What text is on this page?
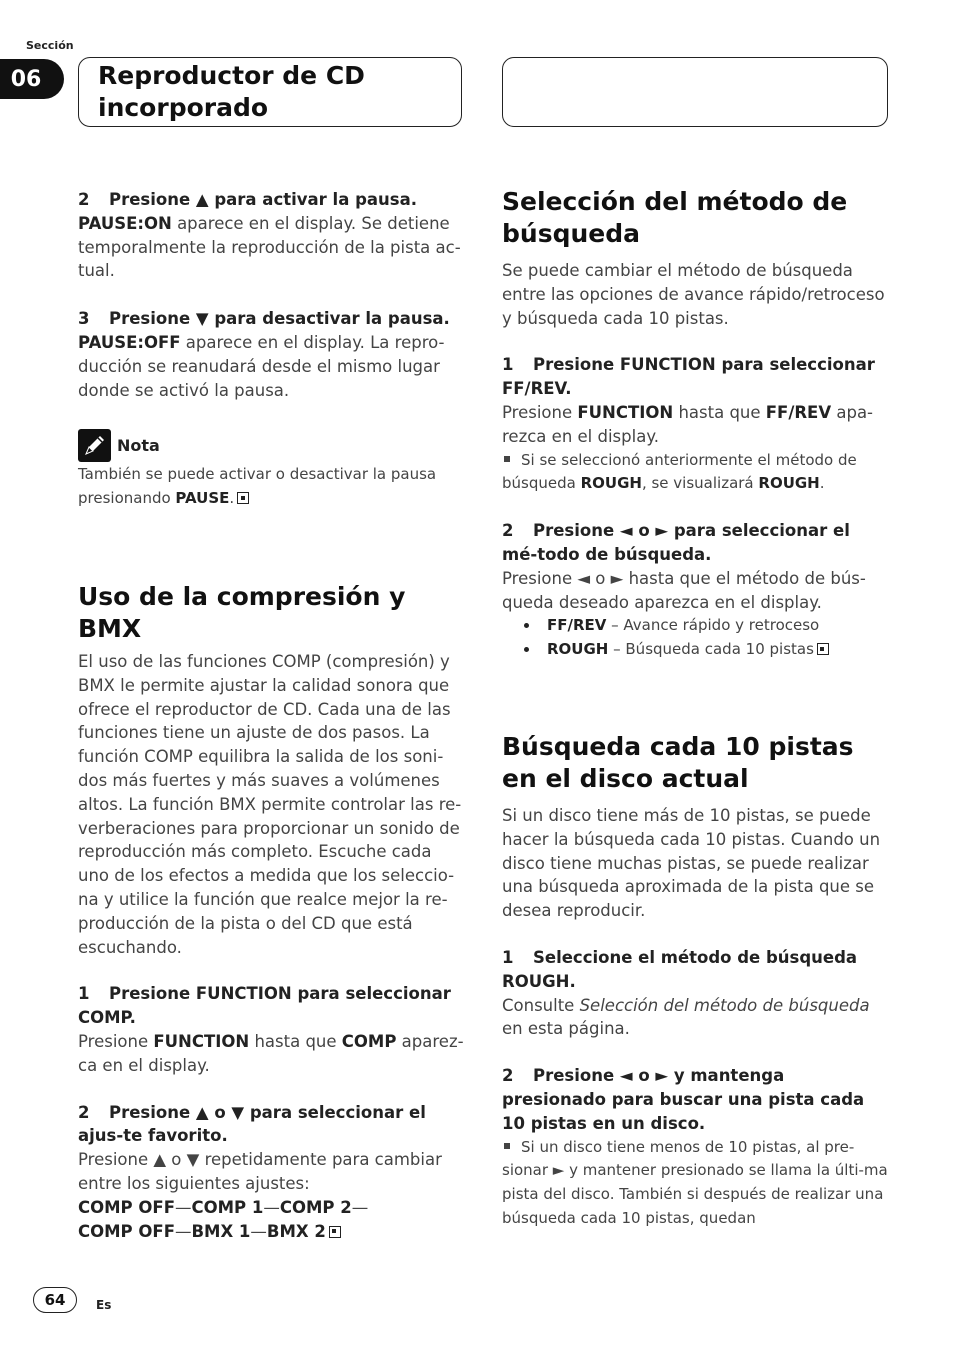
Sección
06	Reproductor de CD incorporado

2 Presione ▲ para activar la pausa.

PAUSE:ON aparece en el display. Se detiene temporalmente la reproducción de la pista ac-tual.

3 Presione ▼ para desactivar la pausa.

PAUSE:OFF aparece en el display. La repro-ducción se reanudará desde el mismo lugar donde se activó la pausa.

Nota

También se puede activar o desactivar la pausa presionando PAUSE.

Uso de la compresión y BMX

El uso de las funciones COMP (compresión) y BMX le permite ajustar la calidad sonora que ofrece el reproductor de CD. Cada una de las funciones tiene un ajuste de dos pasos. La función COMP equilibra la salida de los soni-dos más fuertes y más suaves a volúmenes altos. La función BMX permite controlar las re-verberaciones para proporcionar un sonido de reproducción más completo. Escuche cada uno de los efectos a medida que los seleccio-na y utilice la función que realce mejor la re-producción de la pista o del CD que está escuchando.

1 Presione FUNCTION para seleccionar COMP.

Presione FUNCTION hasta que COMP aparez-ca en el display.

2 Presione ▲ o ▼ para seleccionar el ajus-te favorito.

Presione ▲ o ▼ repetidamente para cambiar entre los siguientes ajustes:

COMP OFF—COMP 1—COMP 2—

COMP OFF—BMX 1—BMX 2

Selección del método de búsqueda

Se puede cambiar el método de búsqueda entre las opciones de avance rápido/retroceso y búsqueda cada 10 pistas.

1 Presione FUNCTION para seleccionar FF/REV.

Presione FUNCTION hasta que FF/REV apa-rezca en el display.

Si se seleccionó anteriormente el método de búsqueda ROUGH, se visualizará ROUGH.

2 Presione ◄ o ► para seleccionar el mé-todo de búsqueda.

Presione ◄ o ► hasta que el método de bús-queda deseado aparezca en el display.

FF/REV – Avance rápido y retroceso

ROUGH – Búsqueda cada 10 pistas

Búsqueda cada 10 pistas en el disco actual

Si un disco tiene más de 10 pistas, se puede hacer la búsqueda cada 10 pistas. Cuando un disco tiene muchas pistas, se puede realizar una búsqueda aproximada de la pista que se desea reproducir.

1 Seleccione el método de búsqueda ROUGH.

Consulte Selección del método de búsqueda en esta página.

2 Presione ◄ o ► y mantenga presionado para buscar una pista cada 10 pistas en un disco.

Si un disco tiene menos de 10 pistas, al pre-sionar ► y mantener presionado se llama la últi-ma pista del disco. También si después de realizar una búsqueda cada 10 pistas, quedan

64	Es
